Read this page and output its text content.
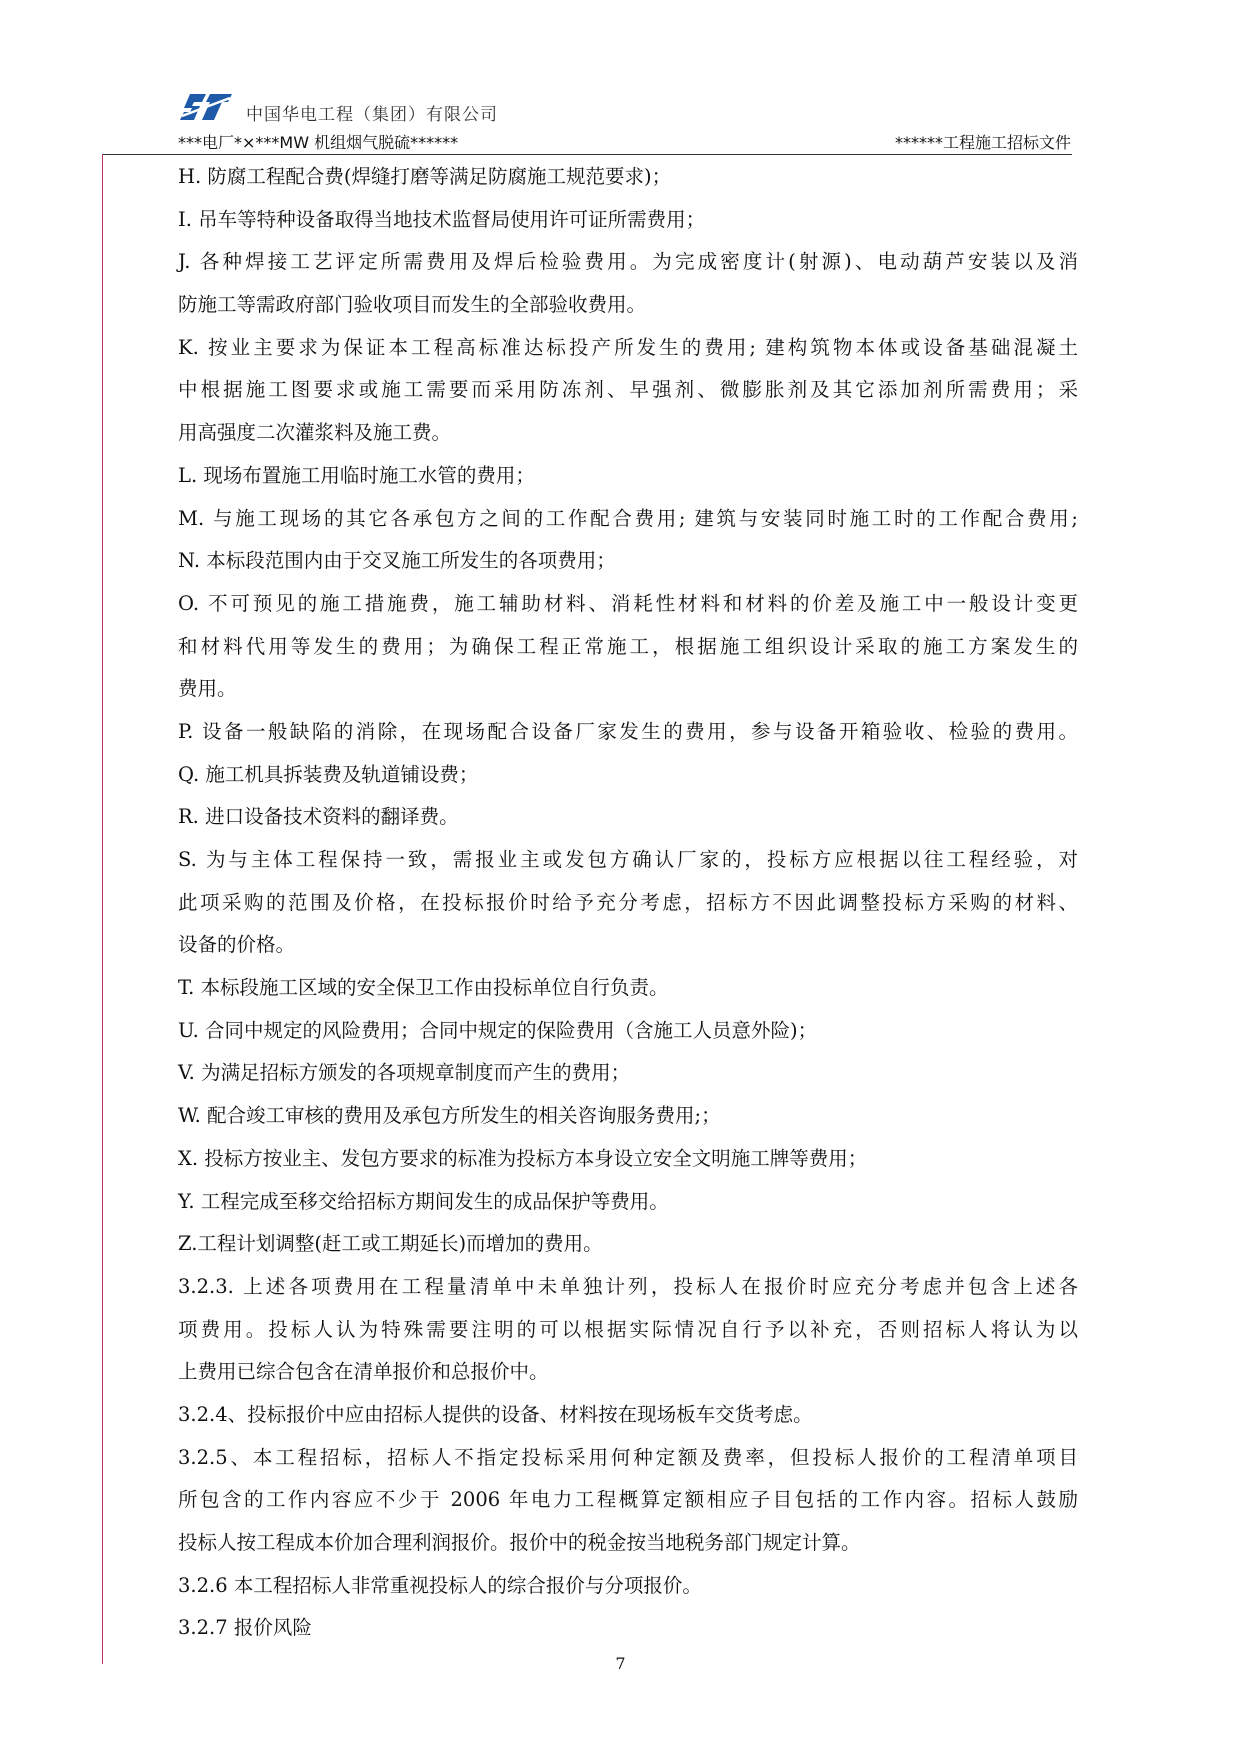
中国华电工程（集团）有限公司
***电厂*×***MW 机组烟气脱硫******	******工程施工招标文件
H. 防腐工程配合费(焊缝打磨等满足防腐施工规范要求)；
I. 吊车等特种设备取得当地技术监督局使用许可证所需费用；
J. 各种焊接工艺评定所需费用及焊后检验费用。为完成密度计(射源)、电动葫芦安装以及消
防施工等需政府部门验收项目而发生的全部验收费用。
K. 按业主要求为保证本工程高标准达标投产所发生的费用; 建构筑物本体或设备基础混凝土
中根据施工图要求或施工需要而采用防冻剂、早强剂、微膨胀剂及其它添加剂所需费用；采
用高强度二次灌浆料及施工费。
L. 现场布置施工用临时施工水管的费用；
M. 与施工现场的其它各承包方之间的工作配合费用; 建筑与安装同时施工时的工作配合费用;
N. 本标段范围内由于交叉施工所发生的各项费用；
O. 不可预见的施工措施费，施工辅助材料、消耗性材料和材料的价差及施工中一般设计变更
和材料代用等发生的费用；为确保工程正常施工，根据施工组织设计采取的施工方案发生的
费用。
P. 设备一般缺陷的消除，在现场配合设备厂家发生的费用，参与设备开箱验收、检验的费用。
Q. 施工机具拆装费及轨道铺设费；
R. 进口设备技术资料的翻译费。
S. 为与主体工程保持一致，需报业主或发包方确认厂家的，投标方应根据以往工程经验，对
此项采购的范围及价格，在投标报价时给予充分考虑，招标方不因此调整投标方采购的材料、
设备的价格。
T. 本标段施工区域的安全保卫工作由投标单位自行负责。
U. 合同中规定的风险费用；合同中规定的保险费用（含施工人员意外险)；
V. 为满足招标方颁发的各项规章制度而产生的费用；
W. 配合竣工审核的费用及承包方所发生的相关咨询服务费用;；
X. 投标方按业主、发包方要求的标准为投标方本身设立安全文明施工牌等费用；
Y. 工程完成至移交给招标方期间发生的成品保护等费用。
Z.工程计划调整(赶工或工期延长)而增加的费用。
3.2.3. 上述各项费用在工程量清单中未单独计列，投标人在报价时应充分考虑并包含上述各
项费用。投标人认为特殊需要注明的可以根据实际情况自行予以补充，否则招标人将认为以
上费用已综合包含在清单报价和总报价中。
3.2.4、投标报价中应由招标人提供的设备、材料按在现场板车交货考虑。
3.2.5、本工程招标，招标人不指定投标采用何种定额及费率，但投标人报价的工程清单项目
所包含的工作内容应不少于 2006 年电力工程概算定额相应子目包括的工作内容。招标人鼓励
投标人按工程成本价加合理利润报价。报价中的税金按当地税务部门规定计算。
3.2.6 本工程招标人非常重视投标人的综合报价与分项报价。
3.2.7 报价风险
7
